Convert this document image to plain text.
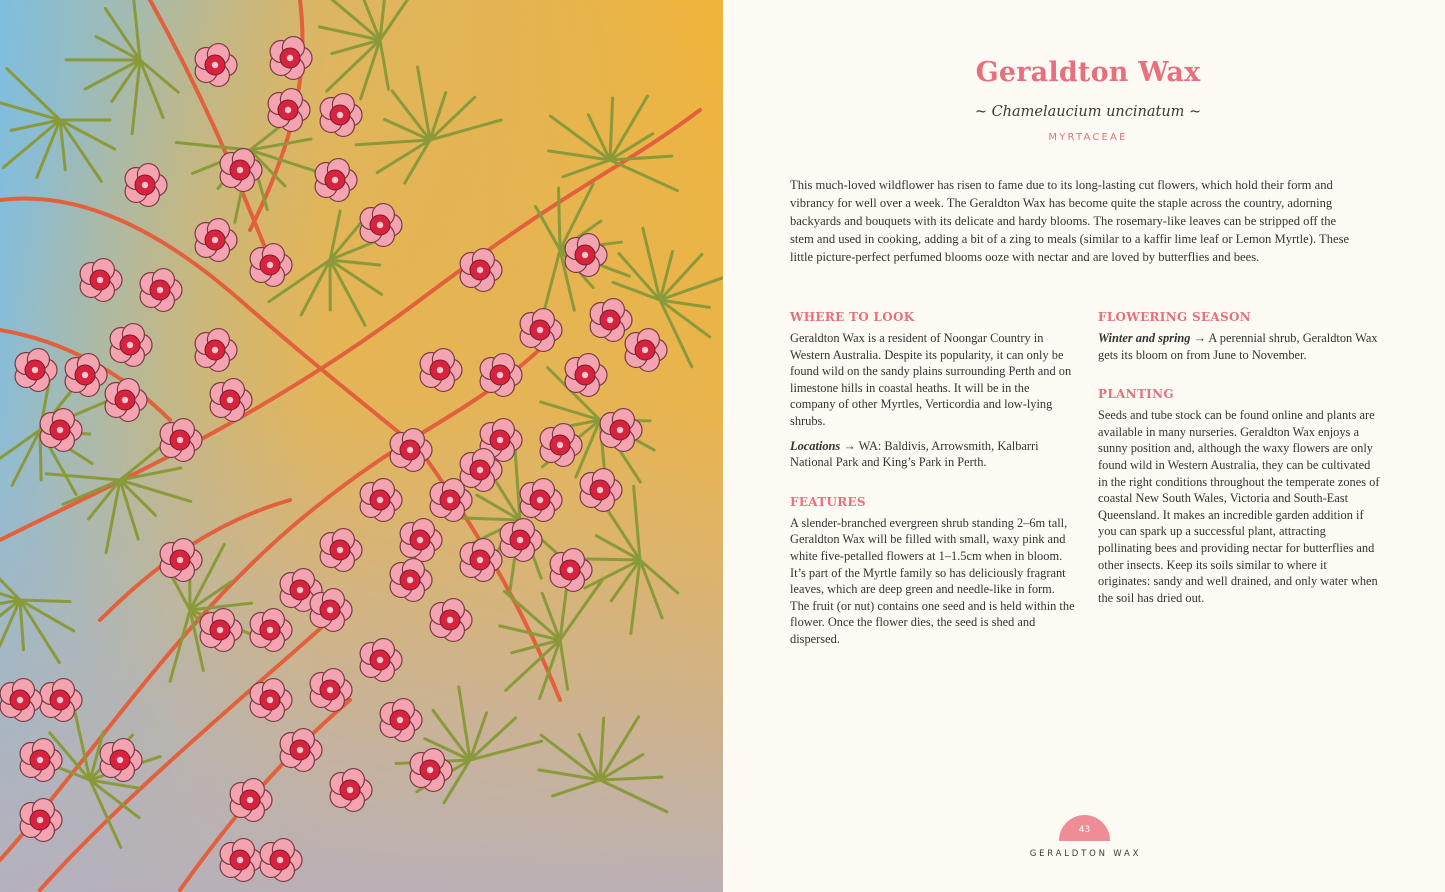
Geraldton Wax
~ Chamelaucium uncinatum ~
MYRTACEAE

This much-loved wildflower has risen to fame due to its long-lasting cut flowers, which hold their form and vibrancy for well over a week. The Geraldton Wax has become quite the staple across the country, adorning backyards and bouquets with its delicate and hardy blooms. The rosemary-like leaves can be stripped off the stem and used in cooking, adding a bit of a zing to meals (similar to a kaffir lime leaf or Lemon Myrtle). These little picture-perfect perfumed blooms ooze with nectar and are loved by butterflies and bees.

WHERE TO LOOK

Geraldton Wax is a resident of Noongar Country in Western Australia. Despite its popularity, it can only be found wild on the sandy plains surrounding Perth and on limestone hills in coastal heaths. It will be in the company of other Myrtles, Verticordia and low-lying shrubs.

Locations → WA: Baldivis, Arrowsmith, Kalbarri National Park and King’s Park in Perth.

FEATURES

A slender-branched evergreen shrub standing 2–6m tall, Geraldton Wax will be filled with small, waxy pink and white five-petalled flowers at 1–1.5cm when in bloom. It’s part of the Myrtle family so has deliciously fragrant leaves, which are deep green and needle-like in form. The fruit (or nut) contains one seed and is held within the flower. Once the flower dies, the seed is shed and dispersed.

FLOWERING SEASON

Winter and spring → A perennial shrub, Geraldton Wax gets its bloom on from June to November.

PLANTING

Seeds and tube stock can be found online and plants are available in many nurseries. Geraldton Wax enjoys a sunny position and, although the waxy flowers are only found wild in Western Australia, they can be cultivated in the right conditions throughout the temperate zones of coastal New South Wales, Victoria and South-East Queensland. It makes an incredible garden addition if you can spark up a successful plant, attracting pollinating bees and providing nectar for butterflies and other insects. Keep its soils similar to where it originates: sandy and well drained, and only water when the soil has dried out.

43
GERALDTON WAX
